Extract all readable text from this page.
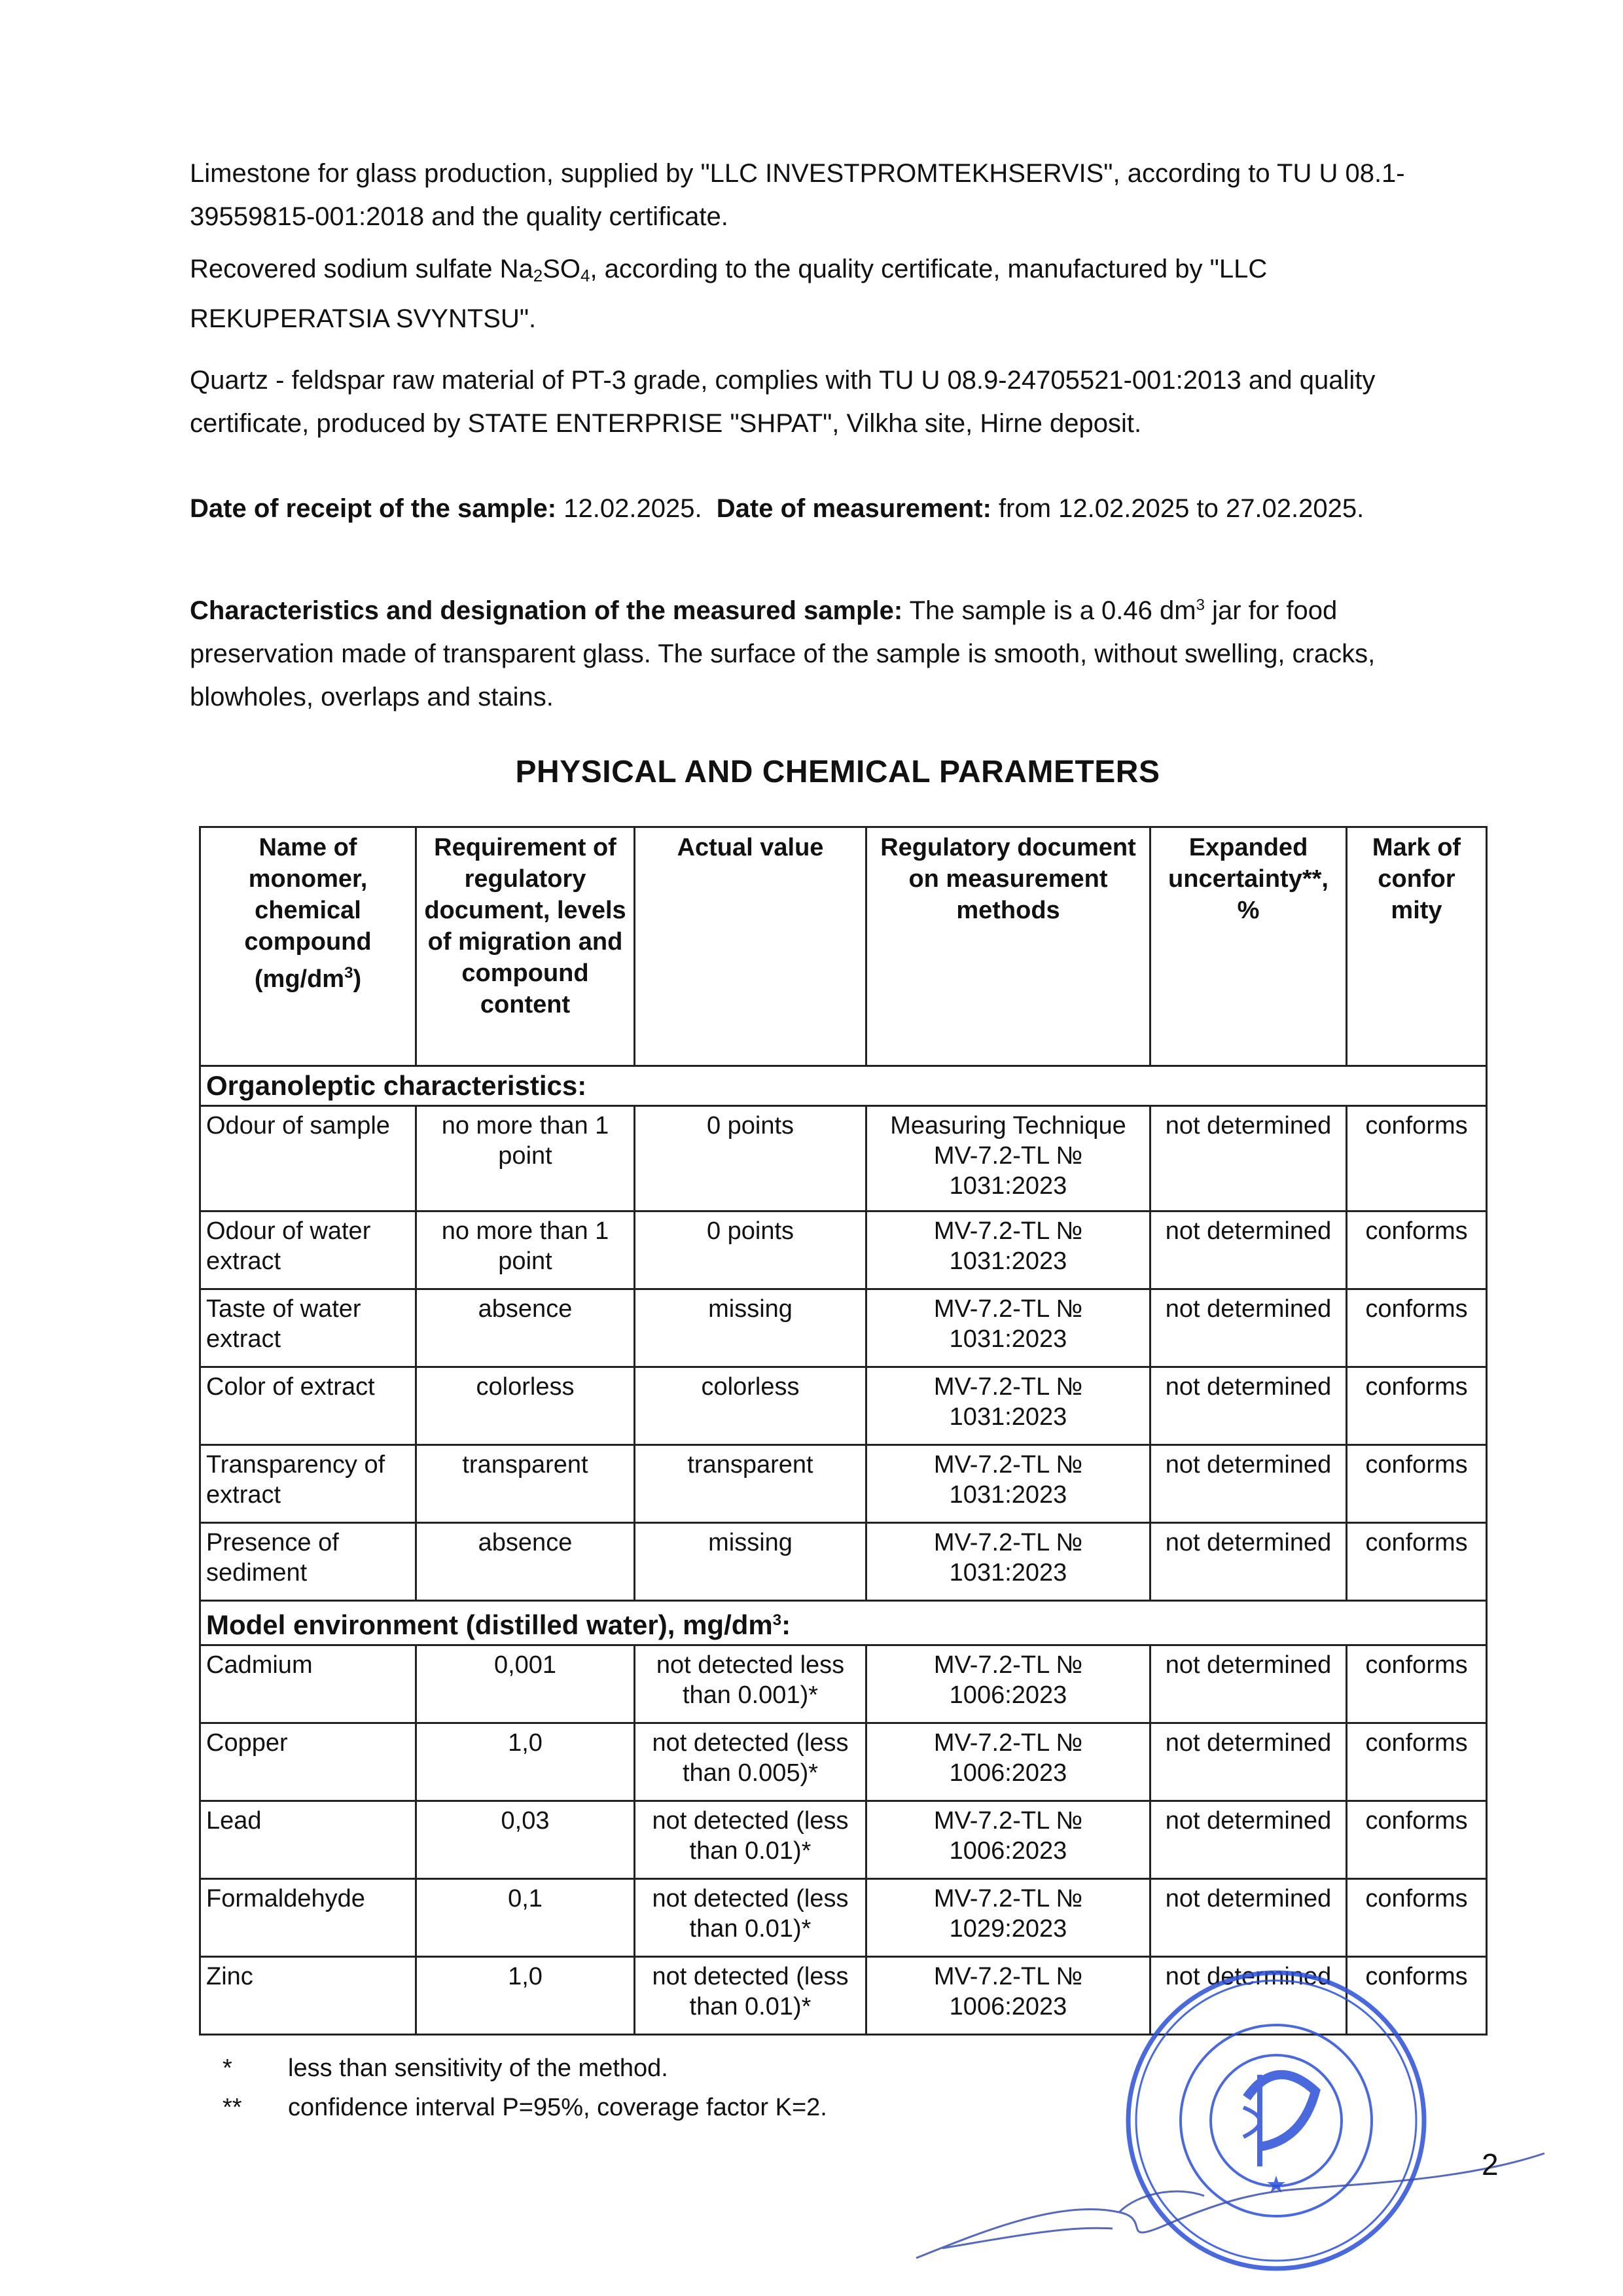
Limestone for glass production, supplied by "LLC INVESTPROMTEKHSERVIS", according to TU U 08.1-39559815-001:2018 and the quality certificate.

Recovered sodium sulfate $Na_2SO_4$, according to the quality certificate, manufactured by "LLC REKUPERATSIA SVYNTSU".

Quartz - feldspar raw material of PT-3 grade, complies with TU U 08.9-24705521-001:2013 and quality certificate, produced by STATE ENTERPRISE "SHPAT", Vilkha site, Hirne deposit.

Date of receipt of the sample: 12.02.2025. Date of measurement: from 12.02.2025 to 27.02.2025.

Characteristics and designation of the measured sample: The sample is a 0.46 $dm^3$ jar for food preservation made of transparent glass. The surface of the sample is smooth, without swelling, cracks, blowholes, overlaps and stains.

PHYSICAL AND CHEMICAL PARAMETERS
Name of monomer, chemical compound $(mg/dm^3)$	Requirement of regulatory document, levels of migration and compound content	Actual value	Regulatory document on measurement methods	Expanded uncertainty**, %	Mark of confor mity
Organoleptic characteristics:					
Odour of sample	no more than 1 point	0 points	Measuring Technique MV-7.2-TL № 1031:2023	not determined	conforms
Odour of water extract	no more than 1 point	0 points	MV-7.2-TL № 1031:2023	not determined	conforms
Taste of water extract	absence	missing	MV-7.2-TL № 1031:2023	not determined	conforms
Color of extract	colorless	colorless	MV-7.2-TL № 1031:2023	not determined	conforms
Transparency of extract	transparent	transparent	MV-7.2-TL № 1031:2023	not determined	conforms
Presence of sediment	absence	missing	MV-7.2-TL № 1031:2023	not determined	conforms
Model environment (distilled water), $mg/dm^3$:					
Cadmium	0,001	not detected less than 0.001)*	MV-7.2-TL № 1006:2023	not determined	conforms
Copper	1,0	not detected (less than 0.005)*	MV-7.2-TL № 1006:2023	not determined	conforms
Lead	0,03	not detected (less than 0.01)*	MV-7.2-TL № 1006:2023	not determined	conforms
Formaldehyde	0,1	not detected (less than 0.01)*	MV-7.2-TL № 1029:2023	not determined	conforms
Zinc	1,0	not detected (less than 0.01)*	MV-7.2-TL № 1006:2023	not determined	conforms
* less than sensitivity of the method.
** confidence interval P=95%, coverage factor K=2.
★
2
